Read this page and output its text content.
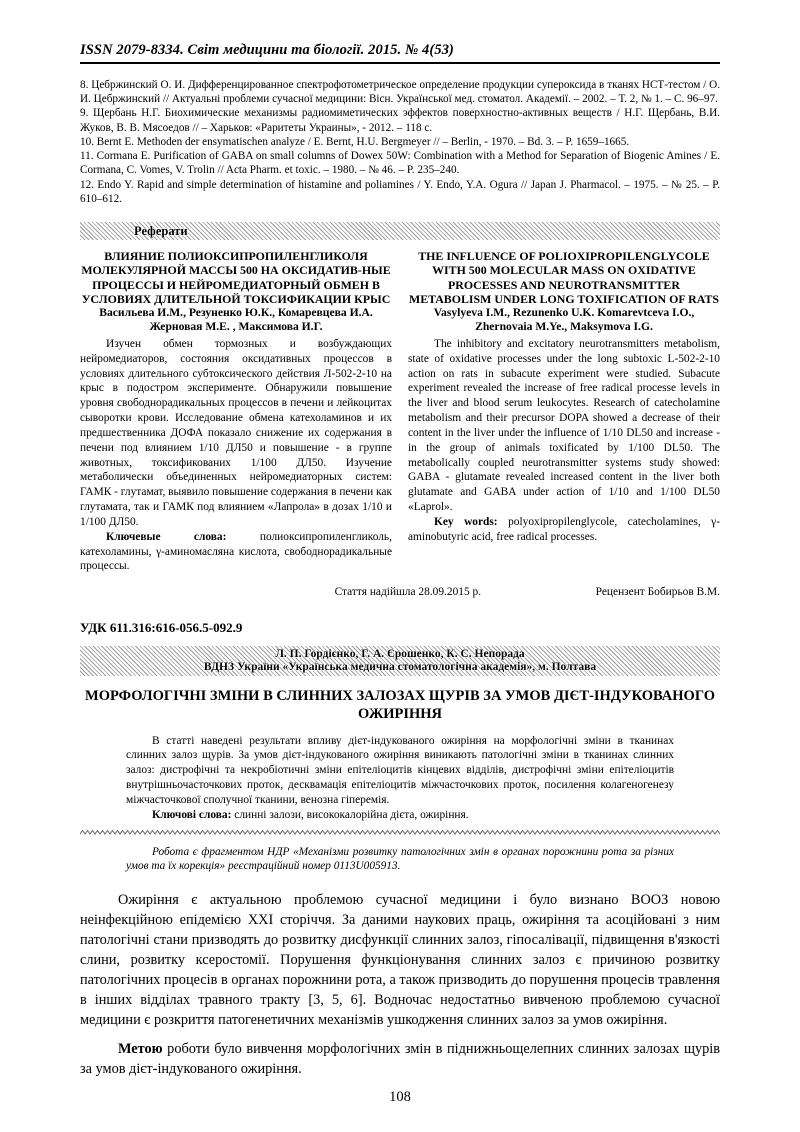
ISSN 2079-8334. Світ медицини та біології. 2015. № 4(53)

8. Цебржинский О. И. Дифференцированное спектрофотометрическое определение продукции супероксида в тканях НСТ-тестом / О. И. Цебржинский // Актуальні проблеми сучасної медицини: Вісн. Української мед. стоматол. Академії. – 2002. – Т. 2, № 1. – С. 96–97.

9. Щербань Н.Г. Биохимические механизмы радиомиметических эффектов поверхностно-активных веществ / Н.Г. Щербань, В.И. Жуков, В. В. Мясоедов // – Харьков: «Раритеты Украины», - 2012. – 118 с.

10. Bernt E. Methoden der ensymatischen analyze / E. Bernt, H.U. Bergmeyer // – Berlin, - 1970. – Bd. 3. – P. 1659–1665.

11. Cormana E. Purification of GABA on small columns of Dowex 50W: Combination with a Method for Separation of Biogenic Amines / E. Cormana, C. Vomes, V. Trolin // Acta Pharm. et toxic. – 1980. – № 46. – P. 235–240.

12. Endo Y. Rapid and simple determination of histamine and poliamines / Y. Endo, Y.A. Ogura // Japan J. Pharmacol. – 1975. – № 25. – P. 610–612.

Реферати
ВЛИЯНИЕ ПОЛИОКСИПРОПИЛЕНГЛИКОЛЯ МОЛЕКУЛЯРНОЙ МАССЫ 500 НА ОКСИДАТИВ-НЫЕ ПРОЦЕССЫ И НЕЙРОМЕДИАТОРНЫЙ ОБМЕН В УСЛОВИЯХ ДЛИТЕЛЬНОЙ ТОКСИФИКАЦИИ КРЫС
Васильева И.М., Резуненко Ю.К., Комаревцева И.А. Жерновая М.Е. , Максимова И.Г.
Изучен обмен тормозных и возбуждающих нейромедиаторов, состояния оксидативных процессов в условиях длительного субтоксического действия Л-502-2-10 на крыс в подостром эксперименте. Обнаружили повышение уровня свободнорадикальных процессов в печени и лейкоцитах сыворотки крови. Исследование обмена катехоламинов и их предшественника ДОФА показало снижение их содержания в печени под влиянием 1/10 ДЛ50 и повышение - в группе животных, токсификованих 1/100 ДЛ50. Изучение метаболически объединенных нейромедиаторных систем: ГАМК - глутамат, выявило повышение содержания в печени как глутамата, так и ГАМК под влиянием «Лапрола» в дозах 1/10 и 1/100 ДЛ50.
Ключевые слова:	полиоксипропиленгликоль, катехоламины, γ-аминомасляна кислота, свободнорадикальные процессы.
THE INFLUENCE OF POLIOXIPROPILENGLYCOLE WITH 500 MOLECULAR MASS ON OXIDATIVE PROCESSES AND NEUROTRANSMITTER METABOLISM UNDER LONG TOXIFICATION OF RATS
Vasylyeva I.M., Rezunenko U.K. Komarevtceva I.O., Zhernovaia M.Ye., Maksymova I.G.
The inhibitory and excitatory neurotransmitters metabolism, state of oxidative processes under the long subtoxic L-502-2-10 action on rats in subacute experiment were studied. Subacute experiment revealed the increase of free radical processe levels in the liver and blood serum leukocytes. Research of catecholamine metabolism and their precursor DOPA showed a decrease of their content in the liver under the influence of 1/10 DL50 and increase - in the group of animals toxificated by 1/100 DL50. The metabolically coupled neurotransmitter systems study showed: GABA - glutamate revealed increased content in the liver both glutamate and GABA under action of 1/10 and 1/100 DL50 «Laprol».
Key words: polyoxipropilenglycole, catecholamines, γ-aminobutyric acid, free radical processes.
Стаття надійшла 28.09.2015 р.	Рецензент Бобирьов В.М.
УДК 611.316:616-056.5-092.9
Л. П. Гордієнко, Г. А. Єрошенко, К. С. Непорада
ВДНЗ України «Українська медична стоматологічна академія», м. Полтава
МОРФОЛОГІЧНІ ЗМІНИ В СЛИННИХ ЗАЛОЗАХ ЩУРІВ ЗА УМОВ ДІЄТ-ІНДУКОВАНОГО ОЖИРІННЯ
В статті наведені результати впливу дієт-індукованого ожиріння на морфологічні зміни в тканинах слинних залоз щурів. За умов дієт-індукованого ожиріння виникають патологічні зміни в тканинах слинних залоз: дистрофічні та некробіотичні зміни епітеліоцитів кінцевих відділів, дистрофічні зміни епітеліоцитів внутрішньочасточкових проток, десквамація епітеліоцитів міжчасточкових проток, посилення колагеногенезу міжчасточкової сполучної тканини, венозна гіперемія.
Ключові слова: слинні залози, висококалорійна дієта, ожиріння.
Робота є фрагментом НДР «Механізми розвитку патологічних змін в органах порожнини рота за різних умов та їх корекція» реєстраційний номер 0113U005913.

Ожиріння є актуальною проблемою сучасної медицини і було визнано ВООЗ новою неінфекційною епідемією XXI сторіччя. За даними наукових праць, ожиріння та асоційовані з ним патологічні стани призводять до розвитку дисфункції слинних залоз, гіпосалівації, підвищення в'язкості слини, розвитку ксеростомії. Порушення функціонування слинних залоз є причиною розвитку патологічних процесів в органах порожнини рота, а також призводить до порушення процесів травлення в інших відділах травного тракту [3, 5, 6]. Водночас недостатньо вивченою проблемою сучасної медицини є розкриття патогенетичних механізмів ушкодження слинних залоз за умов ожиріння.

Метою роботи було вивчення морфологічних змін в піднижньощелепних слинних залозах щурів за умов дієт-індукованого ожиріння.

108
